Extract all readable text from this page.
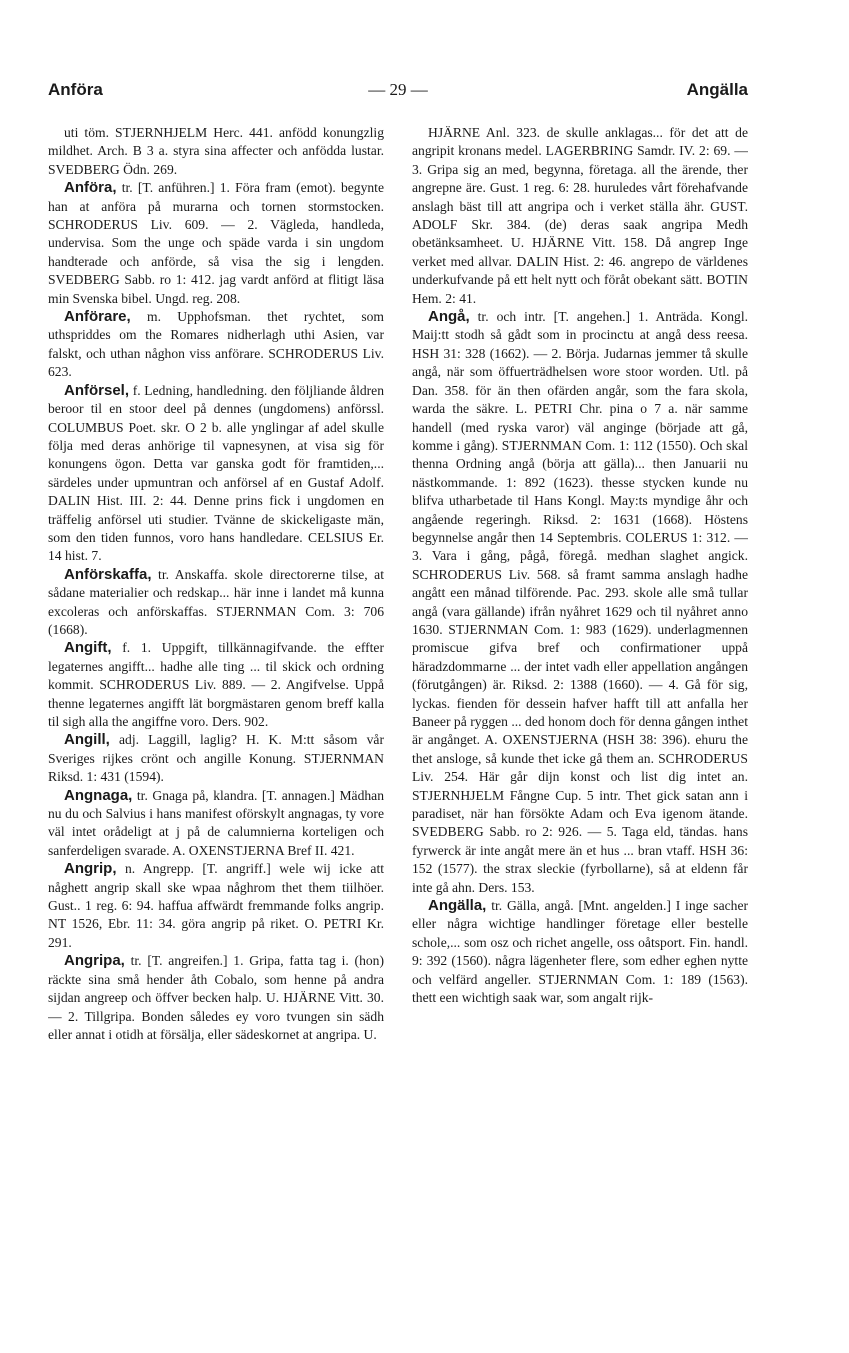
Anföra	— 29 —	Angälla

uti töm. STJERNHJELM Herc. 441. anfödd konungzlig mildhet. Arch. B 3 a. styra sina affecter och anfödda lustar. SVEDBERG Ödn. 269.

Anföra, tr. [T. anführen.] 1. Föra fram (emot). begynte han at anföra på murarna och tornen stormstocken. SCHRODERUS Liv. 609. — 2. Vägleda, handleda, undervisa. Som the unge och späde varda i sin ungdom handterade och anförde, så visa the sig i lengden. SVEDBERG Sabb. ro 1: 412. jag vardt anförd at flitigt läsa min Svenska bibel. Ungd. reg. 208.

Anförare, m. Upphofsman. thet rychtet, som uthspriddes om the Romares nidherlagh uthi Asien, var falskt, och uthan någhon viss anförare. SCHRODERUS Liv. 623.

Anförsel, f. Ledning, handledning. den följliande åldren beroor til en stoor deel på dennes (ungdomens) anförssl. COLUMBUS Poet. skr. O 2 b. alle ynglingar af adel skulle följa med deras anhörige til vapnesynen, at visa sig för konungens ögon. Detta var ganska godt för framtiden,... särdeles under upmuntran och anförsel af en Gustaf Adolf. DALIN Hist. III. 2: 44. Denne prins fick i ungdomen en träffelig anförsel uti studier. Tvänne de skickeligaste män, som den tiden funnos, voro hans handledare. CELSIUS Er. 14 hist. 7.

Anförskaffa, tr. Anskaffa. skole directorerne tilse, at sådane materialier och redskap... här inne i landet må kunna excoleras och anförskaffas. STJERNMAN Com. 3: 706 (1668).

Angift, f. 1. Uppgift, tillkännagifvande. the effter legaternes angifft... hadhe alle ting ... til skick och ordning kommit. SCHRODERUS Liv. 889. — 2. Angifvelse. Uppå thenne legaternes angifft lät borgmästaren genom breff kalla til sigh alla the angiffne voro. Ders. 902.

Angill, adj. Laggill, laglig? H. K. M:tt såsom vår Sveriges rijkes crönt och angille Konung. STJERNMAN Riksd. 1: 431 (1594).

Angnaga, tr. Gnaga på, klandra. [T. annagen.] Mädhan nu du och Salvius i hans manifest oförskylt angnagas, ty vore väl intet orådeligt at j på de calumnierna korteligen och sanferdeligen svarade. A. OXENSTJERNA Bref II. 421.

Angrip, n. Angrepp. [T. angriff.] wele wij icke att någhett angrip skall ske wpaa någhrom thet them tiilhöer. Gust.. 1 reg. 6: 94. haffua affwärdt fremmande folks angrip. NT 1526, Ebr. 11: 34. göra angrip på riket. O. PETRI Kr. 291.

Angripa, tr. [T. angreifen.] 1. Gripa, fatta tag i. (hon) räckte sina små hender åth Cobalo, som henne på andra sijdan angreep och öffver becken halp. U. HJÄRNE Vitt. 30. — 2. Tillgripa. Bonden således ey voro tvungen sin sädh eller annat i otidh at försälja, eller sädeskornet at angripa. U.

HJÄRNE Anl. 323. de skulle anklagas... för det att de angripit kronans medel. LAGERBRING Samdr. IV. 2: 69. — 3. Gripa sig an med, begynna, företaga. all the ärende, ther angrepne äre. Gust. 1 reg. 6: 28. huruledes vårt förehafvande anslagh bäst till att angripa och i verket ställa ähr. GUST. ADOLF Skr. 384. (de) deras saak angripa Medh obetänksamheet. U. HJÄRNE Vitt. 158. Då angrep Inge verket med allvar. DALIN Hist. 2: 46. angrepo de världenes underkufvande på ett helt nytt och föråt obekant sätt. BOTIN Hem. 2: 41.

Angå, tr. och intr. [T. angehen.] 1. Anträda. Kongl. Maij:tt stodh så gådt som in procinctu at angå dess reesa. HSH 31: 328 (1662). — 2. Börja. Judarnas jemmer tå skulle angå, när som öffuerträdhelsen wore stoor worden. Utl. på Dan. 358. för än then ofärden angår, som the fara skola, warda the säkre. L. PETRI Chr. pina o 7 a. när samme handell (med ryska varor) väl anginge (började att gå, komme i gång). STJERNMAN Com. 1: 112 (1550). Och skal thenna Ordning angå (börja att gälla)... then Januarii nu nästkommande. 1: 892 (1623). thesse stycken kunde nu blifva utharbetade til Hans Kongl. May:ts myndige åhr och angående regeringh. Riksd. 2: 1631 (1668). Höstens begynnelse angår then 14 Septembris. COLERUS 1: 312. — 3. Vara i gång, pågå, föregå. medhan slaghet angick. SCHRODERUS Liv. 568. så framt samma anslagh hadhe angått een månad tilförende. Pac. 293. skole alle små tullar angå (vara gällande) ifrån nyåhret 1629 och til nyåhret anno 1630. STJERNMAN Com. 1: 983 (1629). underlagmennen promiscue gifva bref och confirmationer uppå häradzdommarne ... der intet vadh eller appellation angången (förutgången) är. Riksd. 2: 1388 (1660). — 4. Gå för sig, lyckas. fienden för dessein hafver hafft till att anfalla her Baneer på ryggen ... ded honom doch för denna gången inthet är angånget. A. OXENSTJERNA (HSH 38: 396). ehuru the thet ansloge, så kunde thet icke gå them an. SCHRODERUS Liv. 254. Här går dijn konst och list dig intet an. STJERNHJELM Fångne Cup. 5 intr. Thet gick satan ann i paradiset, när han försökte Adam och Eva igenom ätande. SVEDBERG Sabb. ro 2: 926. — 5. Taga eld, tändas. hans fyrwerck är inte angåt mere än et hus ... bran vtaff. HSH 36: 152 (1577). the strax sleckie (fyrbollarne), så at eldenn får inte gå ahn. Ders. 153.

Angälla, tr. Gälla, angå. [Mnt. angelden.] I inge sacher eller några wichtige handlinger företage eller bestelle schole,... som osz och richet angelle, oss oåtsport. Fin. handl. 9: 392 (1560). några lägenheter flere, som edher eghen nytte och velfärd angeller. STJERNMAN Com. 1: 189 (1563). thett een wichtigh saak war, som angalt rijk-
